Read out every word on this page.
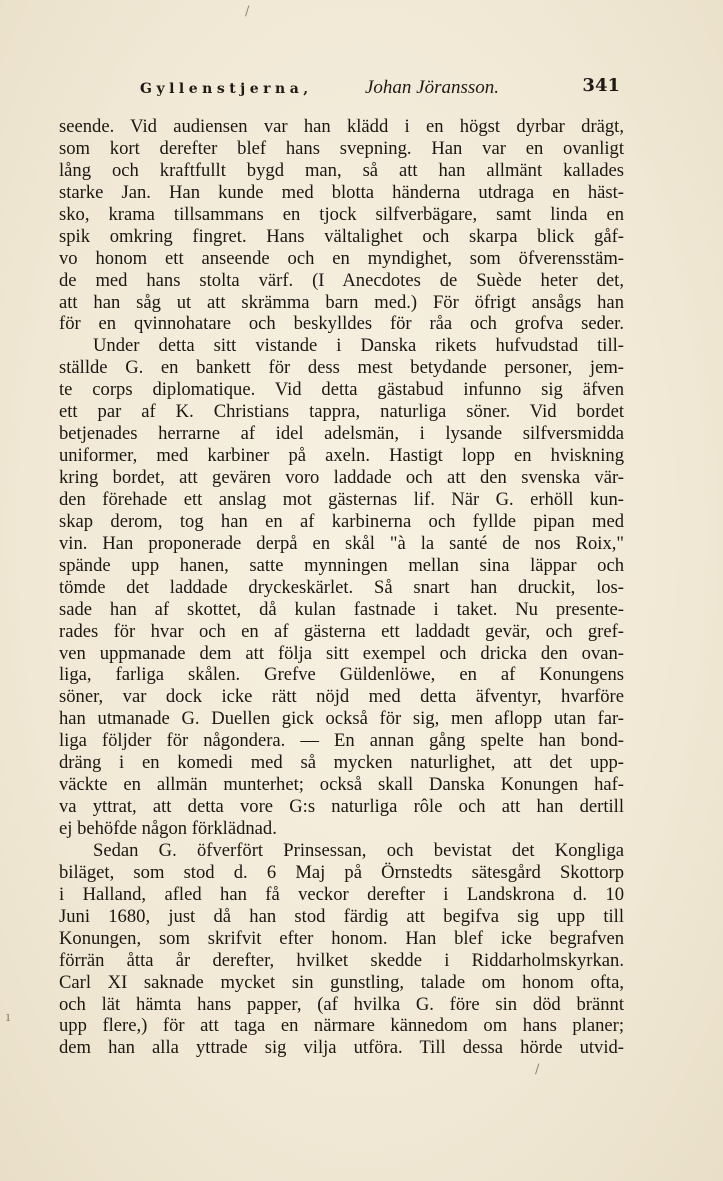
Gyllenstjerna,	Johan Jöransson.	341
seende. Vid audiensen var han klädd i en högst dyrbar drägt,
som kort derefter blef hans svepning. Han var en ovanligt
lång och kraftfullt bygd man, så att han allmänt kallades
starke Jan. Han kunde med blotta händerna utdraga en häst-
sko, krama tillsammans en tjock silfverbägare, samt linda en
spik omkring fingret. Hans vältalighet och skarpa blick gåf-
vo honom ett anseende och en myndighet, som öfverensstäm-
de med hans stolta värf. (I Anecdotes de Suède heter det,
att han såg ut att skrämma barn med.) För öfrigt ansågs han
för en qvinnohatare och beskylldes för råa och grofva seder.
Under detta sitt vistande i Danska rikets hufvudstad till-
ställde G. en bankett för dess mest betydande personer, jem-
te corps diplomatique. Vid detta gästabud infunno sig äfven
ett par af K. Christians tappra, naturliga söner. Vid bordet
betjenades herrarne af idel adelsmän, i lysande silfversmidda
uniformer, med karbiner på axeln. Hastigt lopp en hviskning
kring bordet, att gevären voro laddade och att den svenska vär-
den förehade ett anslag mot gästernas lif. När G. erhöll kun-
skap derom, tog han en af karbinerna och fyllde pipan med
vin. Han proponerade derpå en skål "à la santé de nos Roix,"
spände upp hanen, satte mynningen mellan sina läppar och
tömde det laddade dryckeskärlet. Så snart han druckit, los-
sade han af skottet, då kulan fastnade i taket. Nu presente-
rades för hvar och en af gästerna ett laddadt gevär, och gref-
ven uppmanade dem att följa sitt exempel och dricka den ovan-
liga, farliga skålen. Grefve Güldenlöwe, en af Konungens
söner, var dock icke rätt nöjd med detta äfventyr, hvarföre
han utmanade G. Duellen gick också för sig, men aflopp utan far-
liga följder för någondera. — En annan gång spelte han bond-
dräng i en komedi med så mycken naturlighet, att det upp-
väckte en allmän munterhet; också skall Danska Konungen haf-
va yttrat, att detta vore G:s naturliga rôle och att han dertill
ej behöfde någon förklädnad.
Sedan G. öfverfört Prinsessan, och bevistat det Kongliga
biläget, som stod d. 6 Maj på Örnstedts sätesgård Skottorp
i Halland, afled han få veckor derefter i Landskrona d. 10
Juni 1680, just då han stod färdig att begifva sig upp till
Konungen, som skrifvit efter honom. Han blef icke begrafven
förrän åtta år derefter, hvilket skedde i Riddarholmskyrkan.
Carl XI saknade mycket sin gunstling, talade om honom ofta,
och lät hämta hans papper, (af hvilka G. före sin död brännt
upp flere,) för att taga en närmare kännedom om hans planer;
dem han alla yttrade sig vilja utföra. Till dessa hörde utvid-
/
ı
/
